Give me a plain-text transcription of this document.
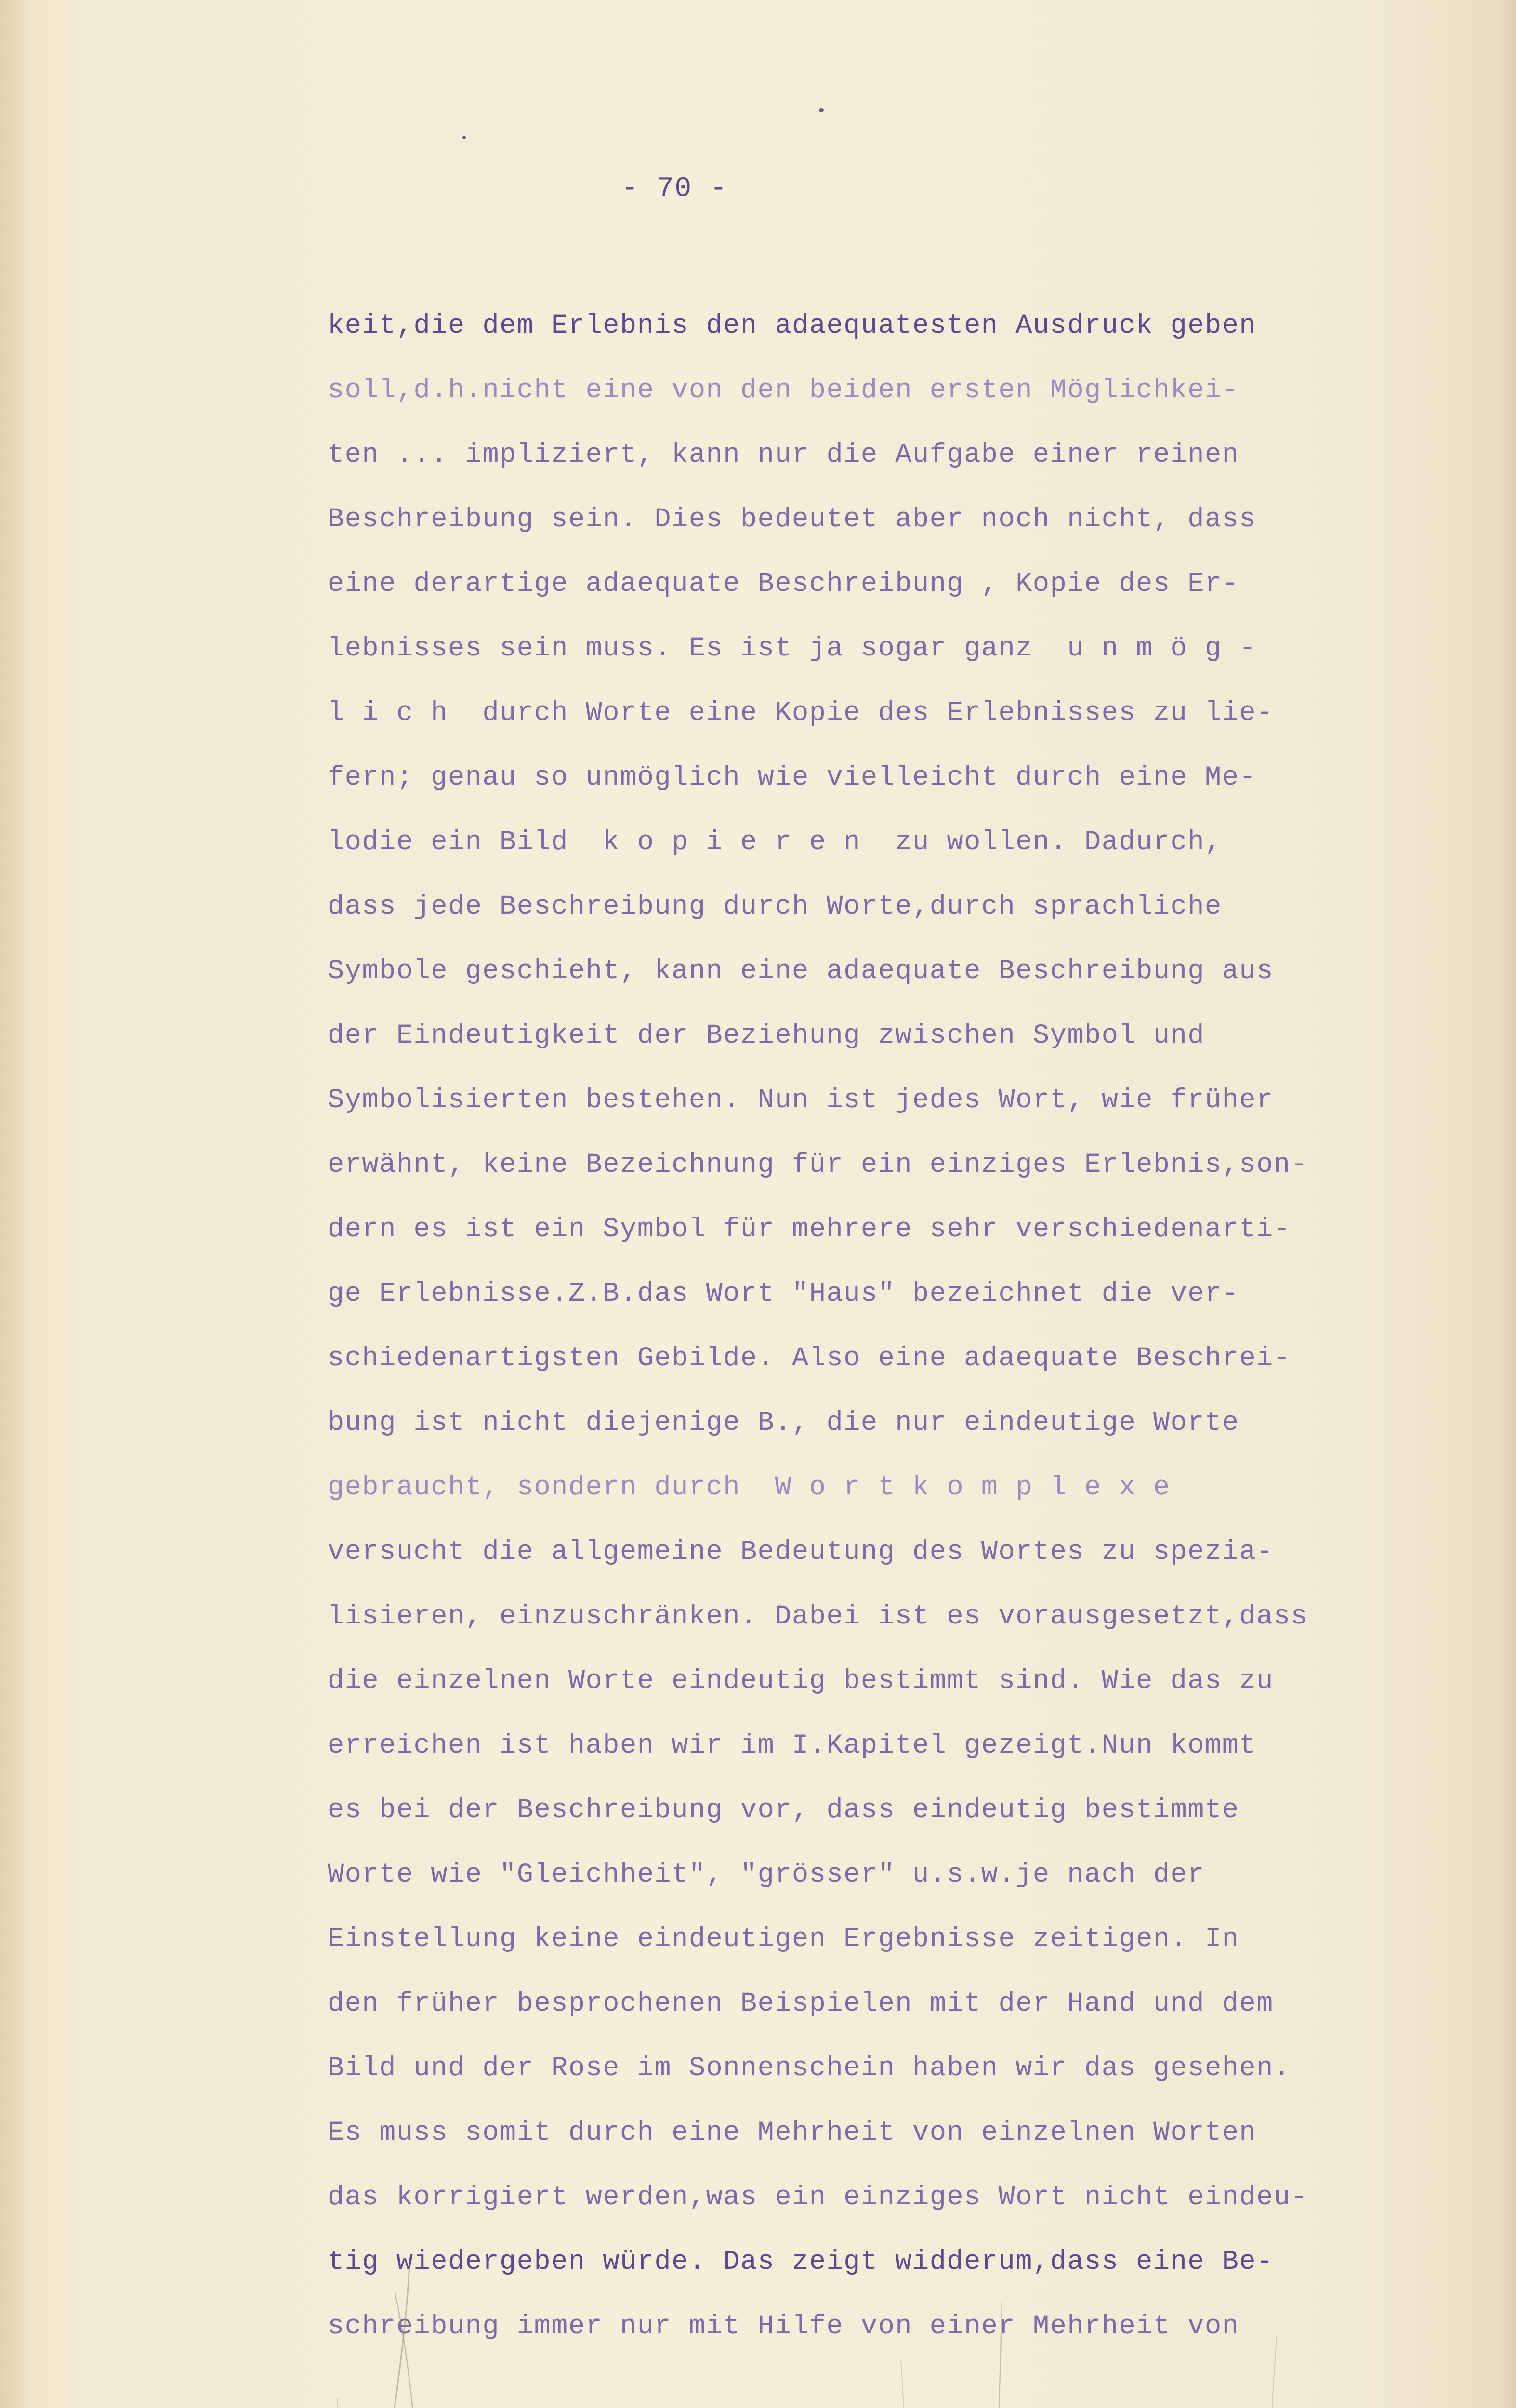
- 70 -
keit,die dem Erlebnis den adaequatesten Ausdruck geben
soll,d.h.nicht eine von den beiden ersten Möglichkei-
ten ... impliziert, kann nur die Aufgabe einer reinen
Beschreibung sein. Dies bedeutet aber noch nicht, dass
eine derartige adaequate Beschreibung , Kopie des Er-
lebnisses sein muss. Es ist ja sogar ganz  u n m ö g -
l i c h  durch Worte eine Kopie des Erlebnisses zu lie-
fern; genau so unmöglich wie vielleicht durch eine Me-
lodie ein Bild  k o p i e r e n  zu wollen. Dadurch,
dass jede Beschreibung durch Worte,durch sprachliche
Symbole geschieht, kann eine adaequate Beschreibung aus
der Eindeutigkeit der Beziehung zwischen Symbol und
Symbolisierten bestehen. Nun ist jedes Wort, wie früher
erwähnt, keine Bezeichnung für ein einziges Erlebnis,son-
dern es ist ein Symbol für mehrere sehr verschiedenarti-
ge Erlebnisse.Z.B.das Wort "Haus" bezeichnet die ver-
schiedenartigsten Gebilde. Also eine adaequate Beschrei-
bung ist nicht diejenige B., die nur eindeutige Worte
gebraucht, sondern durch  W o r t k o m p l e x e
versucht die allgemeine Bedeutung des Wortes zu spezia-
lisieren, einzuschränken. Dabei ist es vorausgesetzt,dass
die einzelnen Worte eindeutig bestimmt sind. Wie das zu
erreichen ist haben wir im I.Kapitel gezeigt.Nun kommt
es bei der Beschreibung vor, dass eindeutig bestimmte
Worte wie "Gleichheit", "grösser" u.s.w.je nach der
Einstellung keine eindeutigen Ergebnisse zeitigen. In
den früher besprochenen Beispielen mit der Hand und dem
Bild und der Rose im Sonnenschein haben wir das gesehen.
Es muss somit durch eine Mehrheit von einzelnen Worten
das korrigiert werden,was ein einziges Wort nicht eindeu-
tig wiedergeben würde. Das zeigt widderum,dass eine Be-
schreibung immer nur mit Hilfe von einer Mehrheit von
